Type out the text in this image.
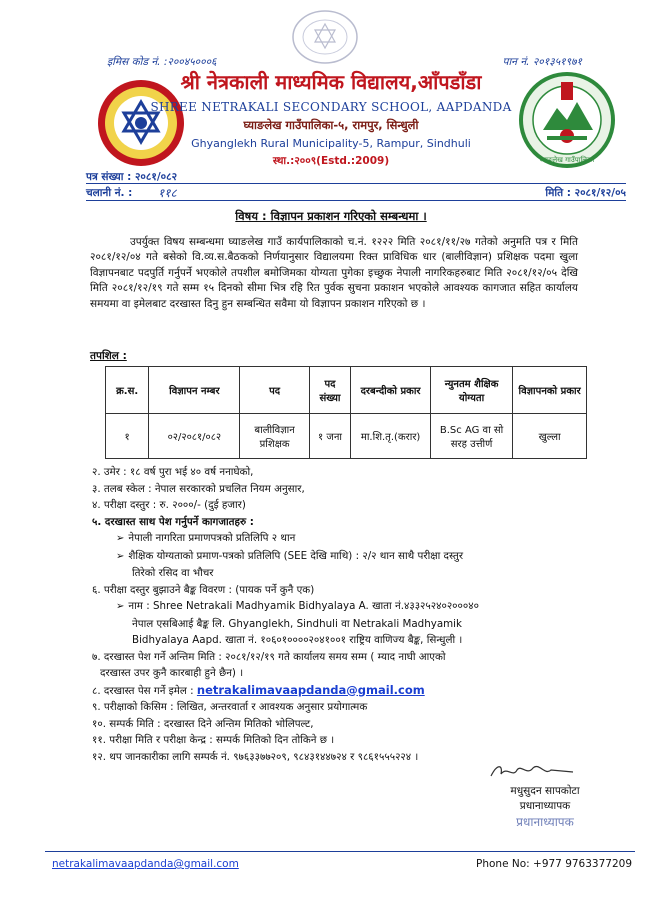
इमिस कोड नं. :२००४५०००६	पान नं. २०१३५१९७१
घ्याङलेख गाउँपालिका
श्री नेत्रकाली माध्यमिक विद्यालय,आँपडाँडा
SHREE NETRAKALI SECONDARY SCHOOL, AAPDANDA
घ्याङलेख गाउँपालिका-५, रामपुर, सिन्धुली
Ghyanglekh Rural Municipality-5, Rampur, Sindhuli
स्था.:२००९(Estd.:2009)
पत्र संख्या : २०८१/०८२
चलानी नं. : ११८	मिति : २०८१/१२/०५
विषय : विज्ञापन प्रकाशन गरिएको सम्बन्धमा ।

उपर्युक्त विषय सम्बन्धमा घ्याङलेख गाउँ कार्यपालिकाको च.नं. १२२२ मिति २०८१/११/२७ गतेको अनुमति पत्र र मिति २०८१/१२/०४ गते बसेको वि.व्य.स.बैठकको निर्णयानुसार विद्यालयमा रिक्त प्राविधिक धार (बालीविज्ञान) प्रशिक्षक पदमा खुला विज्ञापनबाट पदपुर्ति गर्नुपर्ने भएकोले तपशील बमोजिमका योग्यता पुगेका इच्छुक नेपाली नागरिकहरुबाट मिति २०८१/१२/०५ देखि मिति २०८१/१२/१९ गते सम्म १५ दिनको सीमा भित्र रहि रित पुर्वक सुचना प्रकाशन भएकोले आवश्यक कागजात सहित कार्यालय समयमा वा इमेलबाट दरखास्त दिनु हुन सम्बन्धित सवैमा यो विज्ञापन प्रकाशन गरिएको छ ।

तपशिल :
क्र.स.	विज्ञापन नम्बर	पद	पद संख्या	दरबन्दीको प्रकार	न्युनतम शैक्षिक योग्यता	विज्ञापनको प्रकार
१	०२/२०८१/०८२	बालीविज्ञान प्रशिक्षक	१ जना	मा.शि.तृ.(करार)	B.Sc AG वा सो सरह उत्तीर्ण	खुल्ला
२. उमेर : १८ वर्ष पुरा भई ४० वर्ष ननाघेको,
३. तलब स्केल : नेपाल सरकारको प्रचलित नियम अनुसार,
४. परीक्षा दस्तुर : रु. २०००/- (दुई हजार)
५. दरखास्त साथ पेश गर्नुपर्ने कागजातहरु :
➢ नेपाली नागरिता प्रमाणपत्रको प्रतिलिपि २ थान
➢ शैक्षिक योग्यताको प्रमाण-पत्रको प्रतिलिपि (SEE देखि माथि) : २/२ थान साथै परीक्षा दस्तुर
तिरेको रसिद वा भौचर
६. परीक्षा दस्तुर बुझाउने बैङ्क विवरण : (पायक पर्ने कुनै एक)
➢ नाम : Shree Netrakali Madhyamik Bidhyalaya A. खाता नं.४३३२५२४०२०००४०
नेपाल एसबिआई बैङ्क लि. Ghyanglekh, Sindhuli वा Netrakali Madhyamik
Bidhyalaya Aapd. खाता नं. १०६०१००००२०४१००१ राष्ट्रिय वाणिज्य बैङ्क, सिन्धुली ।
७. दरखास्त पेश गर्ने अन्तिम मिति : २०८१/१२/१९ गते कार्यालय समय सम्म ( म्याद नाघी आएको
दरखास्त उपर कुनै कारबाही हुने छैन) ।
८. दरखास्त पेस गर्ने इमेल : netrakalimavaapdanda@gmail.com
९. परीक्षाको किसिम : लिखित, अन्तरवार्ता र आवश्यक अनुसार प्रयोगात्मक
१०. सम्पर्क मिति : दरखास्त दिने अन्तिम मितिको भोलिपल्ट,
११. परीक्षा मिति र परीक्षा केन्द्र : सम्पर्क मितिको दिन तोकिने छ ।
१२. थप जानकारीका लागि सम्पर्क नं. ९७६३३७७२०९, ९८४३१४४७२४ र ९८६१५५५२२४ ।
मधुसुदन सापकोटा
प्रधानाध्यापक
प्रधानाध्यापक
netrakalimavaapdanda@gmail.com	Phone No: +977 9763377209
